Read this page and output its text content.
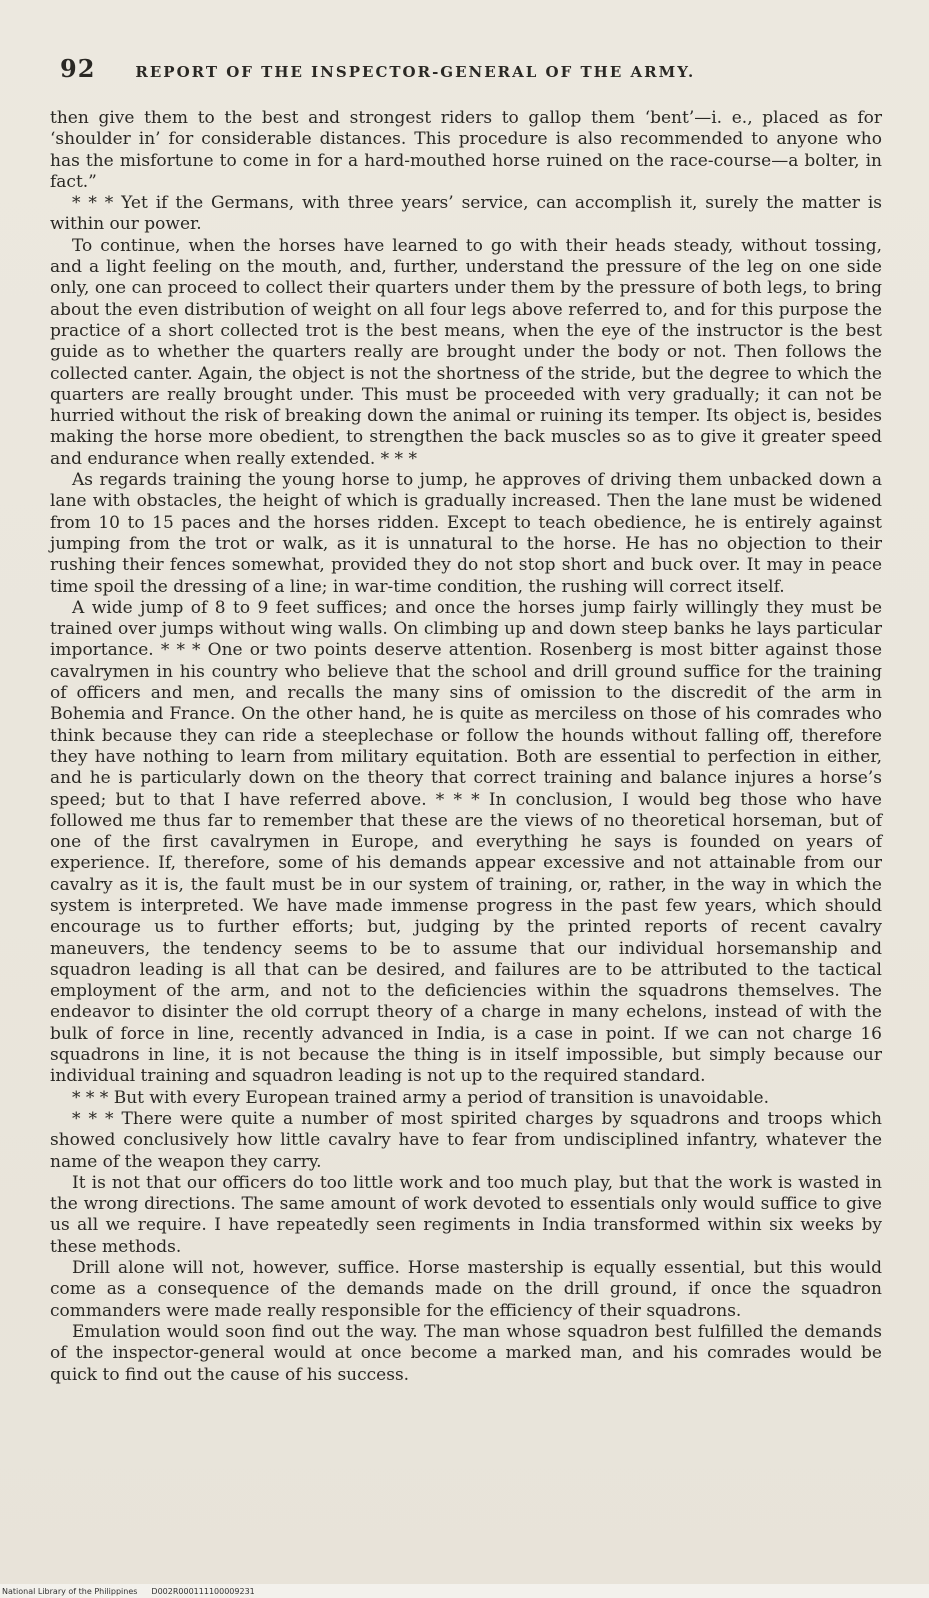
92	REPORT OF THE INSPECTOR-GENERAL OF THE ARMY.

then give them to the best and strongest riders to gallop them ‘bent’—i. e., placed as for ‘shoulder in’ for considerable distances. This procedure is also recommended to anyone who has the misfortune to come in for a hard-mouthed horse ruined on the race-course—a bolter, in fact.”

* * * Yet if the Germans, with three years’ service, can accomplish it, surely the matter is within our power.

To continue, when the horses have learned to go with their heads steady, without tossing, and a light feeling on the mouth, and, further, understand the pressure of the leg on one side only, one can proceed to collect their quarters under them by the pressure of both legs, to bring about the even distribution of weight on all four legs above referred to, and for this purpose the practice of a short collected trot is the best means, when the eye of the instructor is the best guide as to whether the quarters really are brought under the body or not. Then follows the collected canter. Again, the object is not the shortness of the stride, but the degree to which the quarters are really brought under. This must be proceeded with very gradually; it can not be hurried without the risk of breaking down the animal or ruining its temper. Its object is, besides making the horse more obedient, to strengthen the back muscles so as to give it greater speed and endurance when really extended. * * *

As regards training the young horse to jump, he approves of driving them unbacked down a lane with obstacles, the height of which is gradually increased. Then the lane must be widened from 10 to 15 paces and the horses ridden. Except to teach obedience, he is entirely against jumping from the trot or walk, as it is unnatural to the horse. He has no objection to their rushing their fences somewhat, provided they do not stop short and buck over. It may in peace time spoil the dressing of a line; in war-time condition, the rushing will correct itself.

A wide jump of 8 to 9 feet suffices; and once the horses jump fairly willingly they must be trained over jumps without wing walls. On climbing up and down steep banks he lays particular importance. * * * One or two points deserve attention. Rosenberg is most bitter against those cavalrymen in his country who believe that the school and drill ground suffice for the training of officers and men, and recalls the many sins of omission to the discredit of the arm in Bohemia and France. On the other hand, he is quite as merciless on those of his comrades who think because they can ride a steeplechase or follow the hounds without falling off, therefore they have nothing to learn from military equitation. Both are essential to perfection in either, and he is particularly down on the theory that correct training and balance injures a horse’s speed; but to that I have referred above. * * * In conclusion, I would beg those who have followed me thus far to remember that these are the views of no theoretical horseman, but of one of the first cavalrymen in Europe, and everything he says is founded on years of experience. If, therefore, some of his demands appear excessive and not attainable from our cavalry as it is, the fault must be in our system of training, or, rather, in the way in which the system is interpreted. We have made immense progress in the past few years, which should encourage us to further efforts; but, judging by the printed reports of recent cavalry maneuvers, the tendency seems to be to assume that our individual horsemanship and squadron leading is all that can be desired, and failures are to be attributed to the tactical employment of the arm, and not to the deficiencies within the squadrons themselves. The endeavor to disinter the old corrupt theory of a charge in many echelons, instead of with the bulk of force in line, recently advanced in India, is a case in point. If we can not charge 16 squadrons in line, it is not because the thing is in itself impossible, but simply because our individual training and squadron leading is not up to the required standard.

* * * But with every European trained army a period of transition is unavoidable.

* * * There were quite a number of most spirited charges by squadrons and troops which showed conclusively how little cavalry have to fear from undisciplined infantry, whatever the name of the weapon they carry.

It is not that our officers do too little work and too much play, but that the work is wasted in the wrong directions. The same amount of work devoted to essentials only would suffice to give us all we require. I have repeatedly seen regiments in India transformed within six weeks by these methods.

Drill alone will not, however, suffice. Horse mastership is equally essential, but this would come as a consequence of the demands made on the drill ground, if once the squadron commanders were made really responsible for the efficiency of their squadrons.

Emulation would soon find out the way. The man whose squadron best fulfilled the demands of the inspector-general would at once become a marked man, and his comrades would be quick to find out the cause of his success.

National Library of the Philippines D002R000111100009231
